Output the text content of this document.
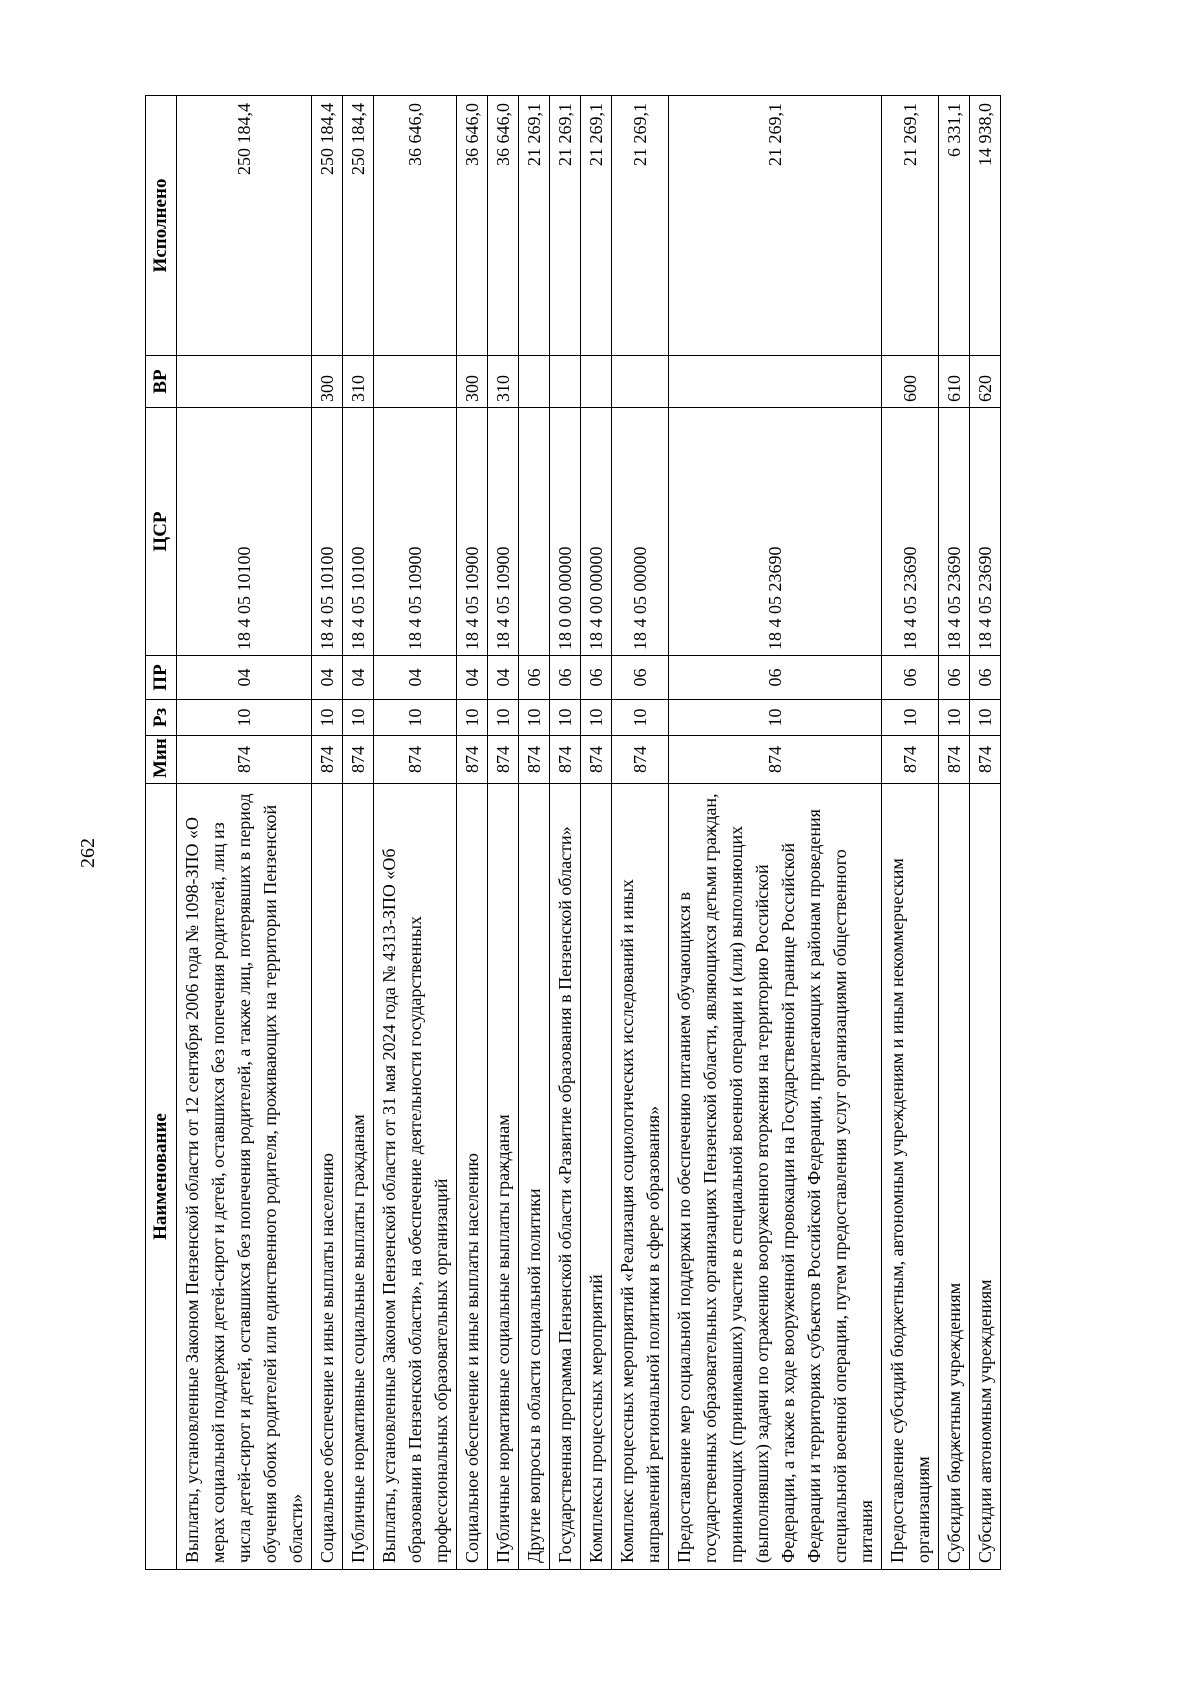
262
Наименование	Мин	Рз	ПР	ЦСР	ВР	Исполнено
Выплаты, установленные Законом Пензенской области от 12 сентября 2006 года № 1098-ЗПО «О мерах социальной поддержки детей-сирот и детей, оставшихся без попечения родителей, лиц из числа детей-сирот и детей, оставшихся без попечения родителей, а также лиц, потерявших в период обучения обоих родителей или единственного родителя, проживающих на территории Пензенской области»	874	10	04	18 4 05 10100		250 184,4
Социальное обеспечение и иные выплаты населению	874	10	04	18 4 05 10100	300	250 184,4
Публичные нормативные социальные выплаты гражданам	874	10	04	18 4 05 10100	310	250 184,4
Выплаты, установленные Законом Пензенской области от 31 мая 2024 года № 4313-ЗПО «Об образовании в Пензенской области», на обеспечение деятельности государственных профессиональных образовательных организаций	874	10	04	18 4 05 10900		36 646,0
Социальное обеспечение и иные выплаты населению	874	10	04	18 4 05 10900	300	36 646,0
Публичные нормативные социальные выплаты гражданам	874	10	04	18 4 05 10900	310	36 646,0
Другие вопросы в области социальной политики	874	10	06			21 269,1
Государственная программа Пензенской области «Развитие образования в Пензенской области»	874	10	06	18 0 00 00000		21 269,1
Комплексы процессных мероприятий	874	10	06	18 4 00 00000		21 269,1
Комплекс процессных мероприятий «Реализация социологических исследований и иных направлений региональной политики в сфере образования»	874	10	06	18 4 05 00000		21 269,1
Предоставление мер социальной поддержки по обеспечению питанием обучающихся в государственных образовательных организациях Пензенской области, являющихся детьми граждан, принимающих (принимавших) участие в специальной военной операции и (или) выполняющих (выполнявших) задачи по отражению вооруженного вторжения на территорию Российской Федерации, а также в ходе вооруженной провокации на Государственной границе Российской Федерации и территориях субъектов Российской Федерации, прилегающих к районам проведения специальной военной операции, путем предоставления услуг организациями общественного питания	874	10	06	18 4 05 23690		21 269,1
Предоставление субсидий бюджетным, автономным учреждениям и иным некоммерческим организациям	874	10	06	18 4 05 23690	600	21 269,1
Субсидии бюджетным учреждениям	874	10	06	18 4 05 23690	610	6 331,1
Субсидии автономным учреждениям	874	10	06	18 4 05 23690	620	14 938,0
